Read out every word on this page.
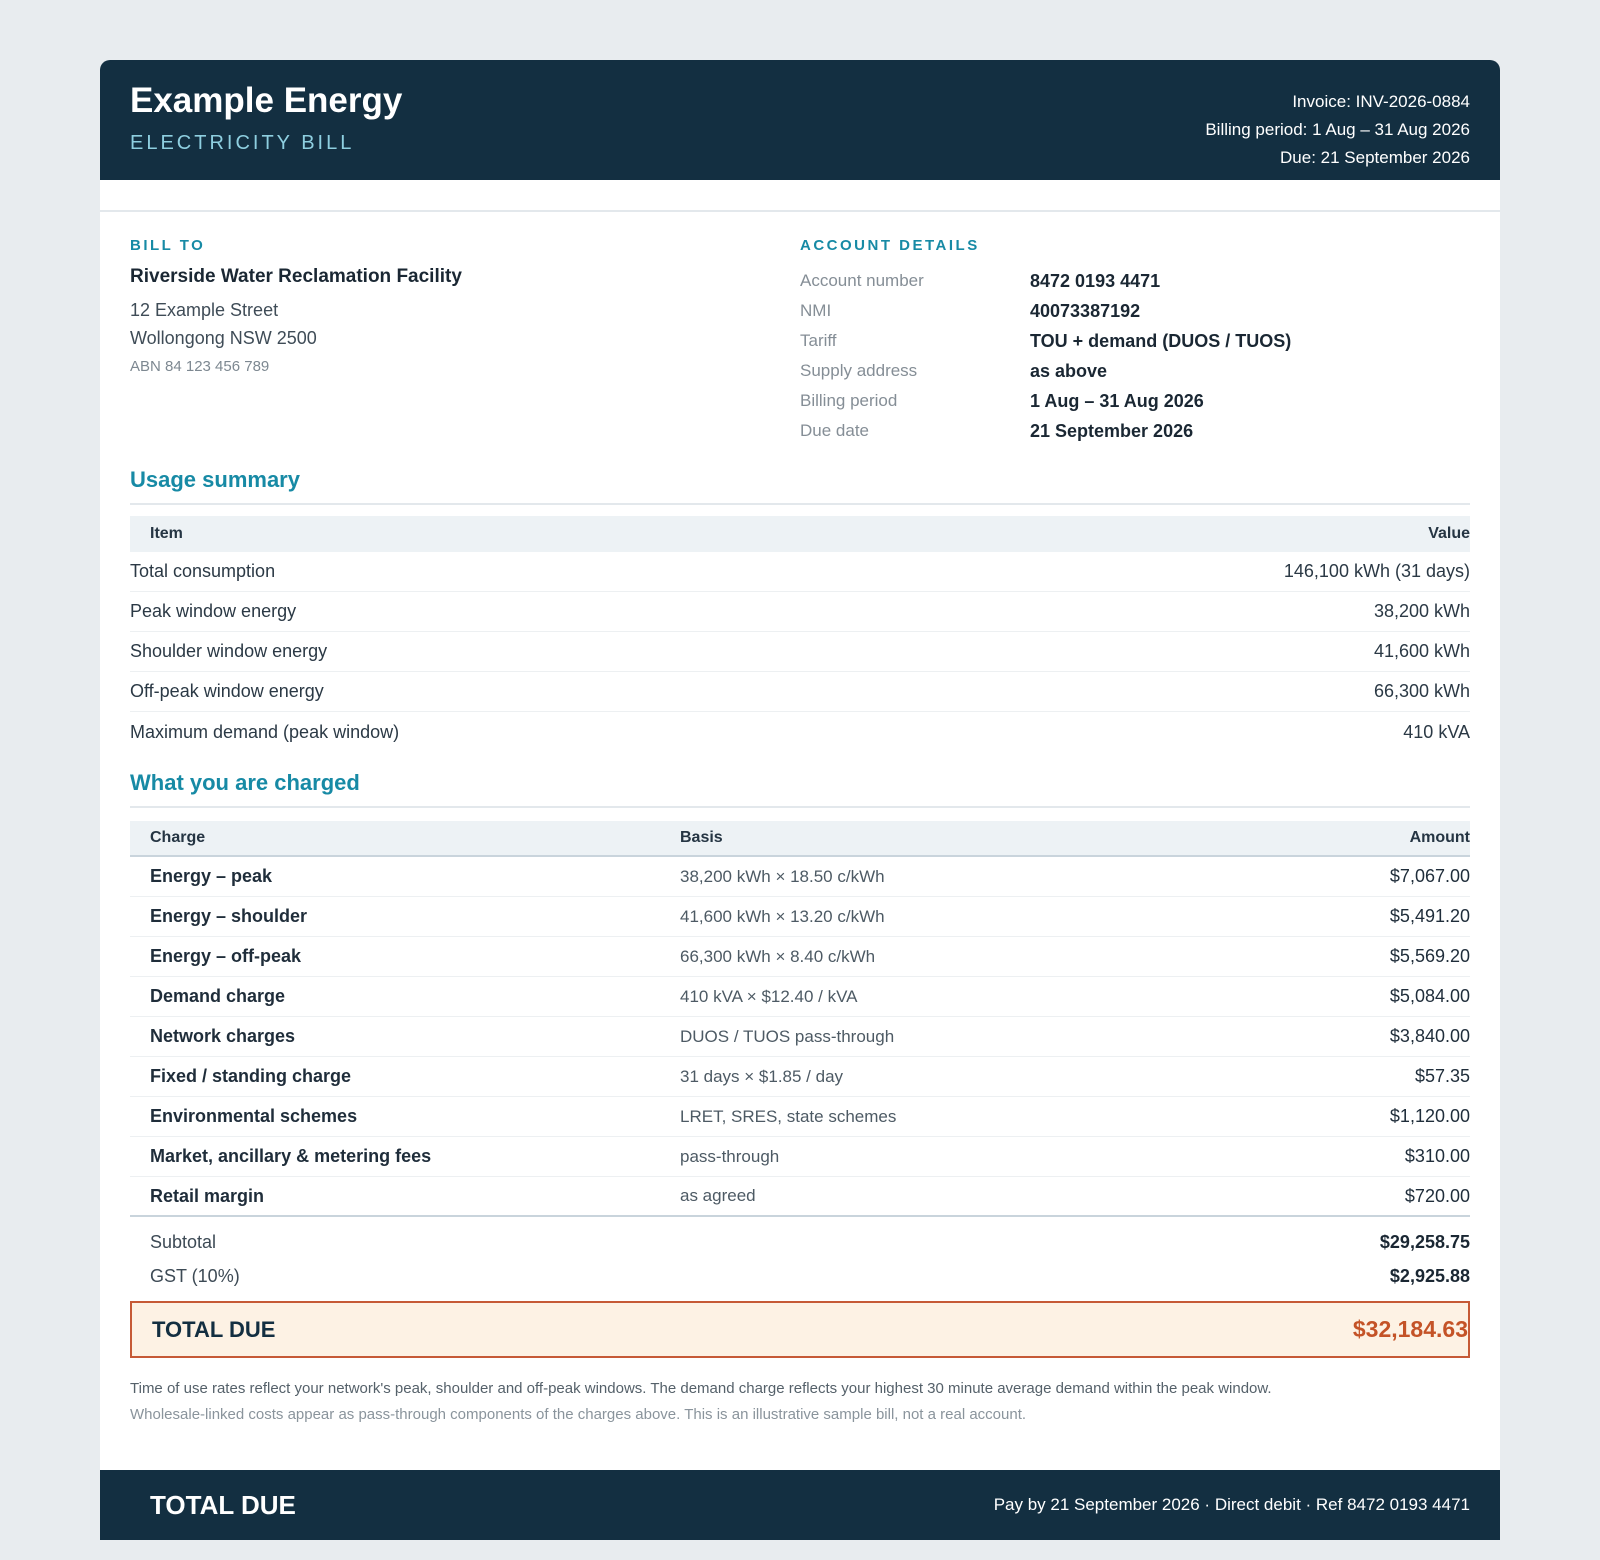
Example Energy
ELECTRICITY BILL
Invoice: INV-2026-0884
Billing period: 1 Aug – 31 Aug 2026
Due: 21 September 2026
BILL TO
Riverside Water Reclamation Facility
12 Example Street
Wollongong NSW 2500
ABN 84 123 456 789
ACCOUNT DETAILS
Account number	8472 0193 4471
NMI	40073387192
Tariff	TOU + demand (DUOS / TUOS)
Supply address	as above
Billing period	1 Aug – 31 Aug 2026
Due date	21 September 2026
Usage summary
Item	Value
Total consumption	146,100 kWh (31 days)
Peak window energy	38,200 kWh
Shoulder window energy	41,600 kWh
Off-peak window energy	66,300 kWh
Maximum demand (peak window)	410 kVA
What you are charged
Charge	Basis	Amount
Energy – peak	38,200 kWh × 18.50 c/kWh	$7,067.00
Energy – shoulder	41,600 kWh × 13.20 c/kWh	$5,491.20
Energy – off-peak	66,300 kWh × 8.40 c/kWh	$5,569.20
Demand charge	410 kVA × $12.40 / kVA	$5,084.00
Network charges	DUOS / TUOS pass-through	$3,840.00
Fixed / standing charge	31 days × $1.85 / day	$57.35
Environmental schemes	LRET, SRES, state schemes	$1,120.00
Market, ancillary & metering fees	pass-through	$310.00
Retail margin	as agreed	$720.00
Subtotal	$29,258.75
GST (10%)	$2,925.88
TOTAL DUE	$32,184.63
Time of use rates reflect your network's peak, shoulder and off-peak windows. The demand charge reflects your highest 30 minute average demand within the peak window.
Wholesale-linked costs appear as pass-through components of the charges above. This is an illustrative sample bill, not a real account.
TOTAL DUE	Pay by 21 September 2026 · Direct debit · Ref 8472 0193 4471
